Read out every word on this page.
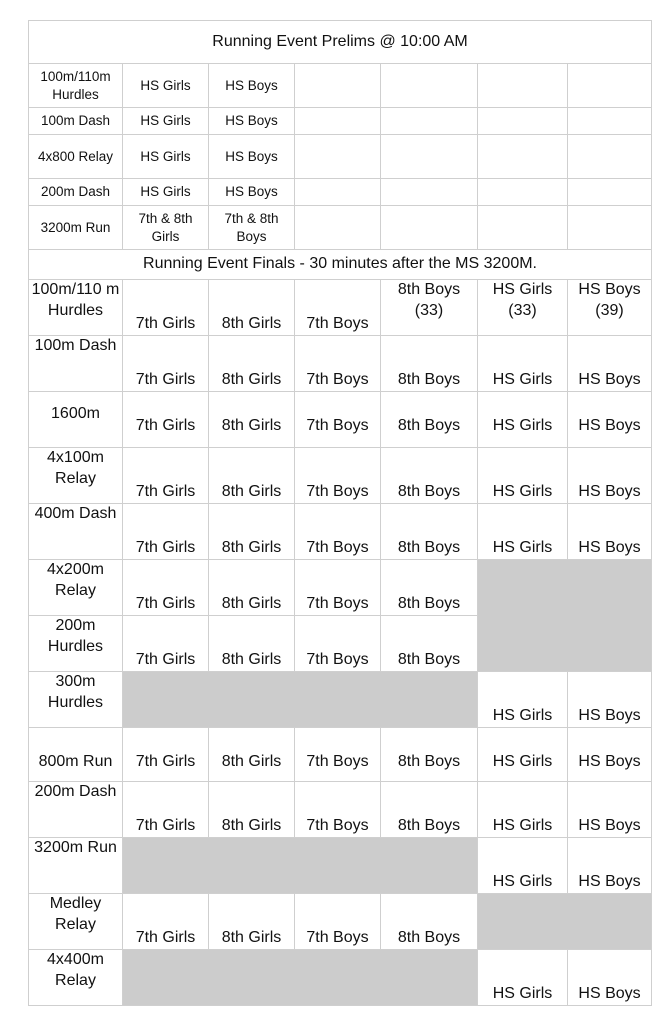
Running Event Prelims @ 10:00 AM						
100m/110m Hurdles	HS Girls	HS Boys				
100m Dash	HS Girls	HS Boys				
4x800 Relay	HS Girls	HS Boys				
200m Dash	HS Girls	HS Boys				
3200m Run	7th & 8th Girls	7th & 8th Boys				
Running Event Finals - 30 minutes after the MS 3200M.						
100m/110 m Hurdles	7th Girls	8th Girls	7th Boys	8th Boys (33)	HS Girls (33)	HS Boys (39)
100m Dash	7th Girls	8th Girls	7th Boys	8th Boys	HS Girls	HS Boys
1600m	7th Girls	8th Girls	7th Boys	8th Boys	HS Girls	HS Boys
4x100m Relay	7th Girls	8th Girls	7th Boys	8th Boys	HS Girls	HS Boys
400m Dash	7th Girls	8th Girls	7th Boys	8th Boys	HS Girls	HS Boys
4x200m Relay	7th Girls	8th Girls	7th Boys	8th Boys		
200m Hurdles	7th Girls	8th Girls	7th Boys	8th Boys		
300m Hurdles					HS Girls	HS Boys
800m Run	7th Girls	8th Girls	7th Boys	8th Boys	HS Girls	HS Boys
200m Dash	7th Girls	8th Girls	7th Boys	8th Boys	HS Girls	HS Boys
3200m Run					HS Girls	HS Boys
Medley Relay	7th Girls	8th Girls	7th Boys	8th Boys		
4x400m Relay					HS Girls	HS Boys
